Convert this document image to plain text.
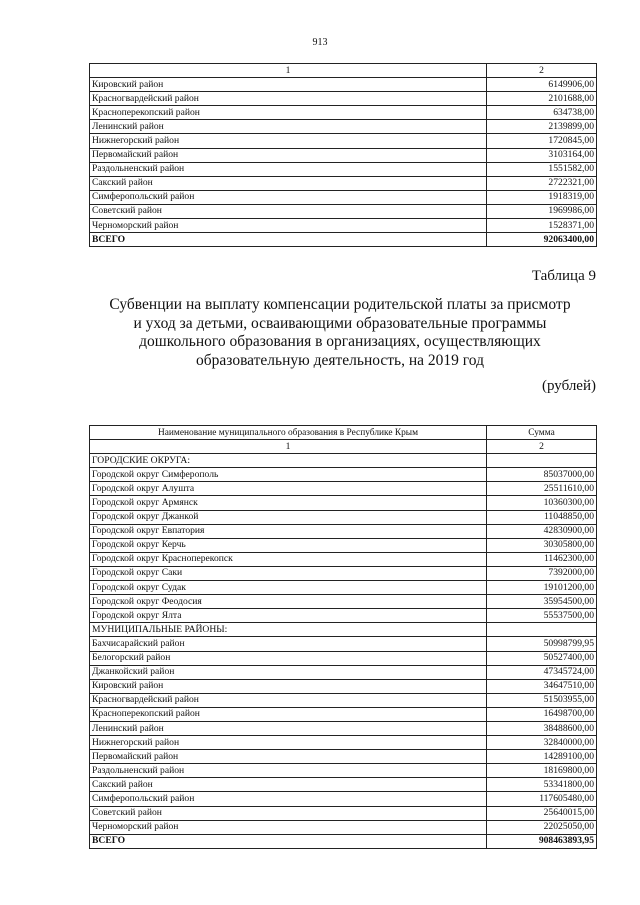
913
1	2
Кировский район	6149906,00
Красногвардейский район	2101688,00
Красноперекопский район	634738,00
Ленинский район	2139899,00
Нижнегорский район	1720845,00
Первомайский район	3103164,00
Раздольненский район	1551582,00
Сакский район	2722321,00
Симферопольский район	1918319,00
Советский район	1969986,00
Черноморский район	1528371,00
ВСЕГО	92063400,00
Таблица 9
Субвенции на выплату компенсации родительской платы за присмотр
и уход за детьми, осваивающими образовательные программы
дошкольного образования в организациях, осуществляющих
образовательную деятельность, на 2019 год
(рублей)
Наименование муниципального образования в Республике Крым	Сумма
1	2
ГОРОДСКИЕ ОКРУГА:	
Городской округ Симферополь	85037000,00
Городской округ Алушта	25511610,00
Городской округ Армянск	10360300,00
Городской округ Джанкой	11048850,00
Городской округ Евпатория	42830900,00
Городской округ Керчь	30305800,00
Городской округ Красноперекопск	11462300,00
Городской округ Саки	7392000,00
Городской округ Судак	19101200,00
Городской округ Феодосия	35954500,00
Городской округ Ялта	55537500,00
МУНИЦИПАЛЬНЫЕ РАЙОНЫ:	
Бахчисарайский район	50998799,95
Белогорский район	50527400,00
Джанкойский район	47345724,00
Кировский район	34647510,00
Красногвардейский район	51503955,00
Красноперекопский район	16498700,00
Ленинский район	38488600,00
Нижнегорский район	32840000,00
Первомайский район	14289100,00
Раздольненский район	18169800,00
Сакский район	53341800,00
Симферопольский район	117605480,00
Советский район	25640015,00
Черноморский район	22025050,00
ВСЕГО	908463893,95
